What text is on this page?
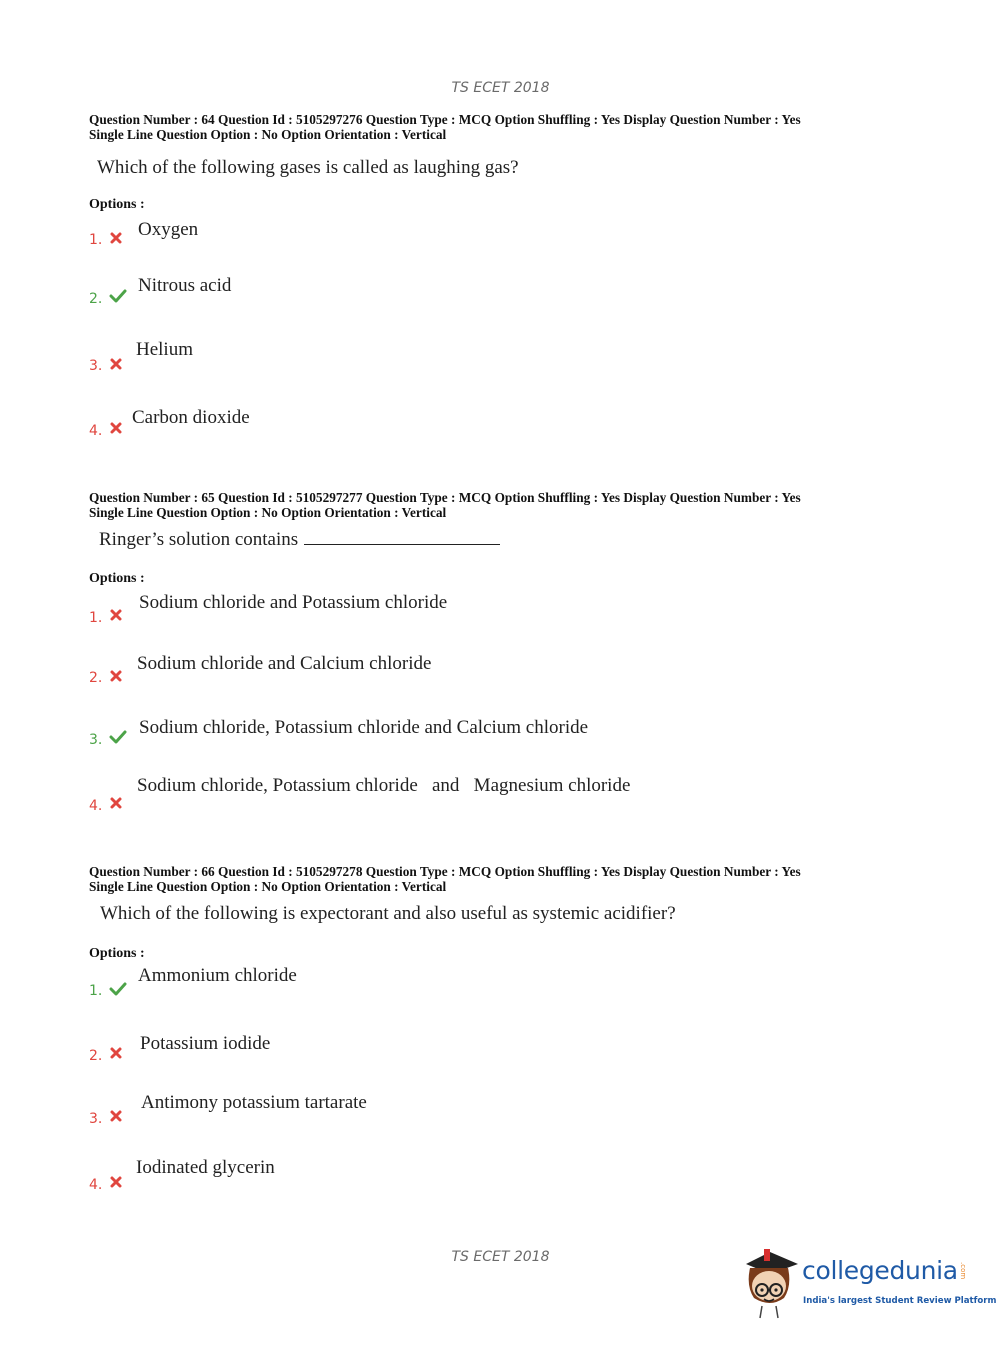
TS ECET 2018
Question Number : 64 Question Id : 5105297276 Question Type : MCQ Option Shuffling : Yes Display Question Number : Yes
Single Line Question Option : No Option Orientation : Vertical
Which of the following gases is called as laughing gas?
Options :
1. Oxygen
2.
Nitrous acid
3.
Helium
4.
Carbon dioxide
Question Number : 65 Question Id : 5105297277 Question Type : MCQ Option Shuffling : Yes Display Question Number : Yes
Single Line Question Option : No Option Orientation : Vertical
Ringer’s solution contains
Options :
1.
Sodium chloride and Potassium chloride
2.
Sodium chloride and Calcium chloride
3.
Sodium chloride, Potassium chloride and Calcium chloride
4.
Sodium chloride, Potassium chloride   and   Magnesium chloride
Question Number : 66 Question Id : 5105297278 Question Type : MCQ Option Shuffling : Yes Display Question Number : Yes
Single Line Question Option : No Option Orientation : Vertical
Which of the following is expectorant and also useful as systemic acidifier?
Options :
1.
Ammonium chloride
2.
Potassium iodide
3.
Antimony potassium tartarate
4.
Iodinated glycerin
TS ECET 2018	collegedunia .com
India's largest Student Review Platform
